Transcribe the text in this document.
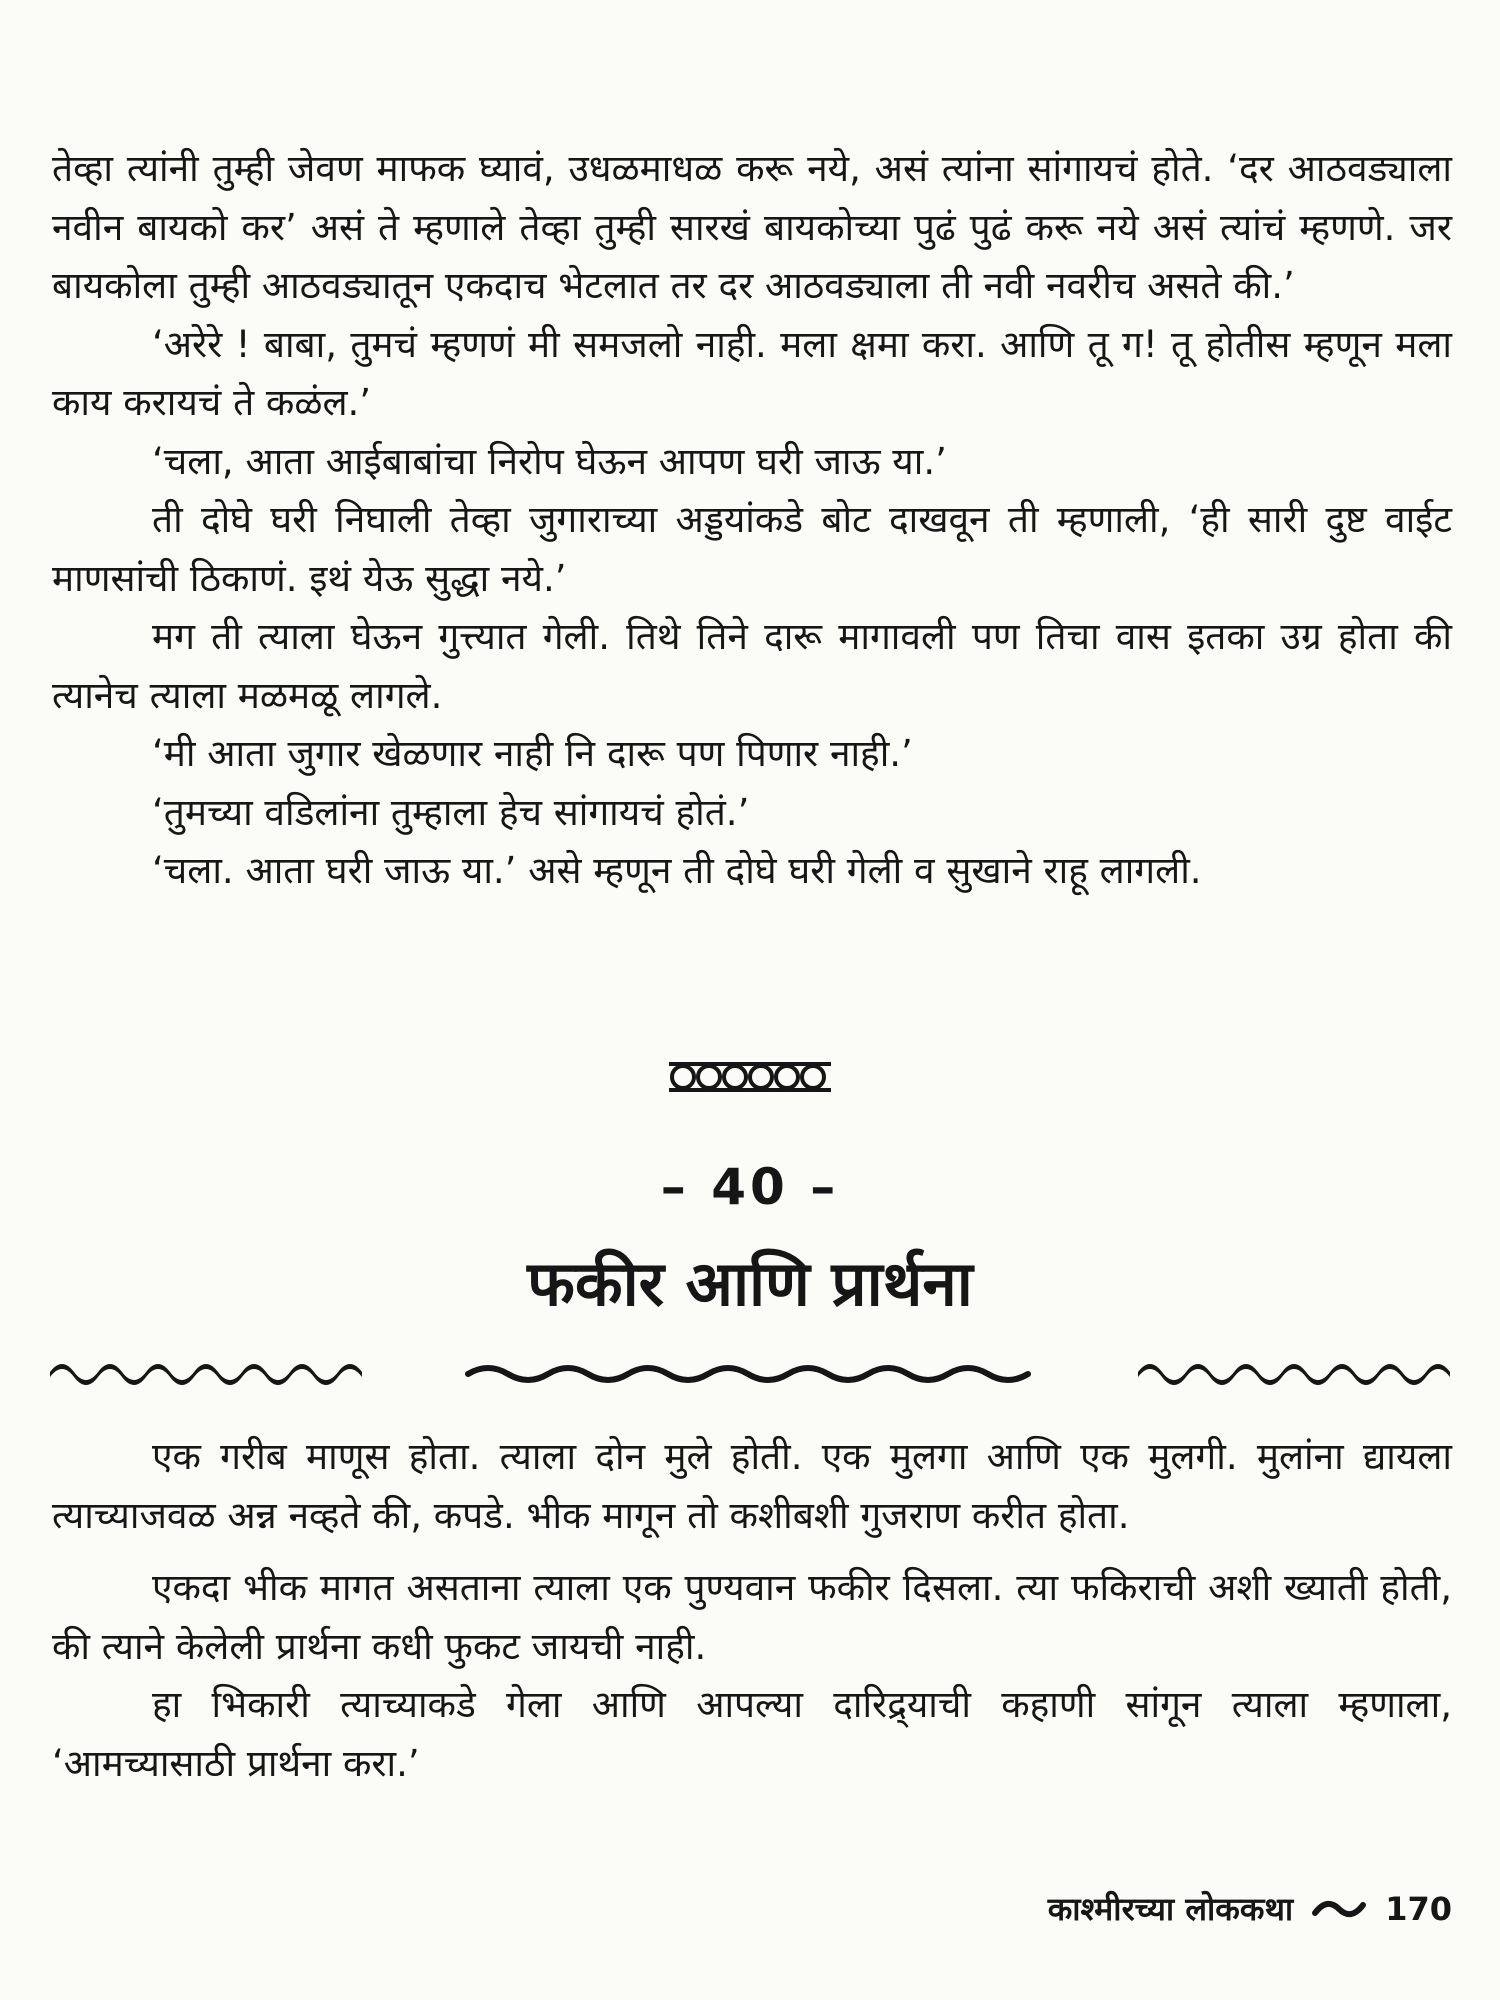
तेव्हा त्यांनी तुम्ही जेवण माफक घ्यावं, उधळमाधळ करू नये, असं त्यांना सांगायचं होते. ‘दर आठवड्याला नवीन बायको कर’ असं ते म्हणाले तेव्हा तुम्ही सारखं बायकोच्या पुढं पुढं करू नये असं त्यांचं म्हणणे. जर बायकोला तुम्ही आठवड्यातून एकदाच भेटलात तर दर आठवड्याला ती नवी नवरीच असते की.’

‘अरेरे ! बाबा, तुमचं म्हणणं मी समजलो नाही. मला क्षमा करा. आणि तू ग! तू होतीस म्हणून मला काय करायचं ते कळंल.’

‘चला, आता आईबाबांचा निरोप घेऊन आपण घरी जाऊ या.’

ती दोघे घरी निघाली तेव्हा जुगाराच्या अड्डयांकडे बोट दाखवून ती म्हणाली, ‘ही सारी दुष्ट वाईट माणसांची ठिकाणं. इथं येऊ सुद्धा नये.’

मग ती त्याला घेऊन गुत्त्यात गेली. तिथे तिने दारू मागावली पण तिचा वास इतका उग्र होता की त्यानेच त्याला मळमळू लागले.

‘मी आता जुगार खेळणार नाही नि दारू पण पिणार नाही.’

‘तुमच्या वडिलांना तुम्हाला हेच सांगायचं होतं.’

‘चला. आता घरी जाऊ या.’ असे म्हणून ती दोघे घरी गेली व सुखाने राहू लागली.

– 40 –
फकीर आणि प्रार्थना

एक गरीब माणूस होता. त्याला दोन मुले होती. एक मुलगा आणि एक मुलगी. मुलांना द्यायला त्याच्याजवळ अन्न नव्हते की, कपडे. भीक मागून तो कशीबशी गुजराण करीत होता.

एकदा भीक मागत असताना त्याला एक पुण्यवान फकीर दिसला. त्या फकिराची अशी ख्याती होती, की त्याने केलेली प्रार्थना कधी फुकट जायची नाही.

हा भिकारी त्याच्याकडे गेला आणि आपल्या दारिद्र्याची कहाणी सांगून त्याला म्हणाला, ‘आमच्यासाठी प्रार्थना करा.’

काश्मीरच्या लोककथा	170
